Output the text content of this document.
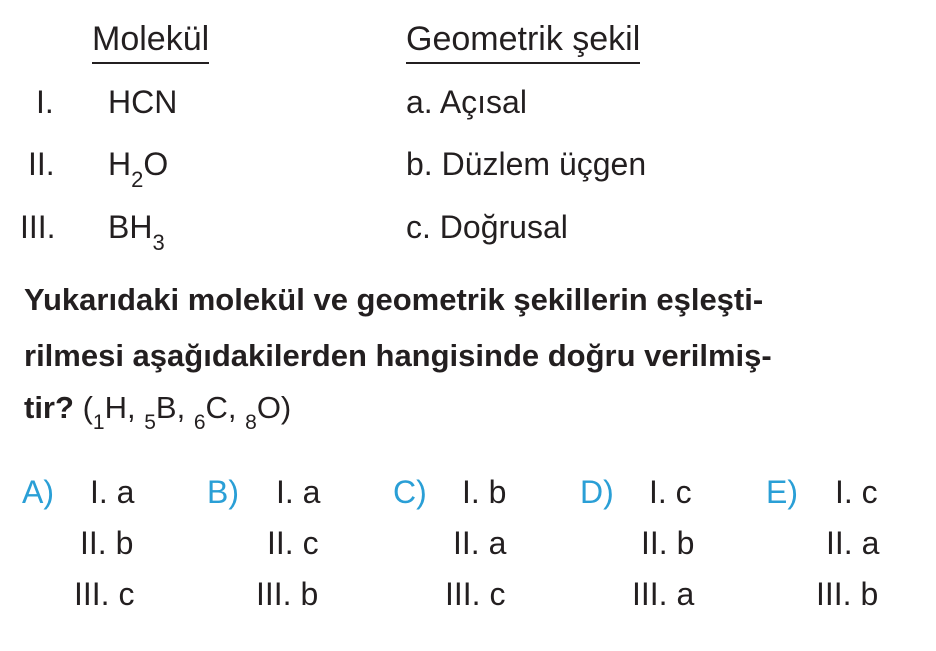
Molekül	Geometrik şekil
I. HCN
II. $H_2O$
III. $BH_3$
a. Açısal
b. Düzlem üçgen
c. Doğrusal
Yukarıdaki molekül ve geometrik şekillerin eşleşti-
rilmesi aşağıdakilerden hangisinde doğru verilmiş-
tir? ($_1H$, $_5$B, $_6$C, $_8$O)
A) I. a
II. b
III. c
B) I. a
II. c
III. b
C) I. b
II. a
III. c
D) I. c
II. b
III. a
E) I. c
II. a
III. b
